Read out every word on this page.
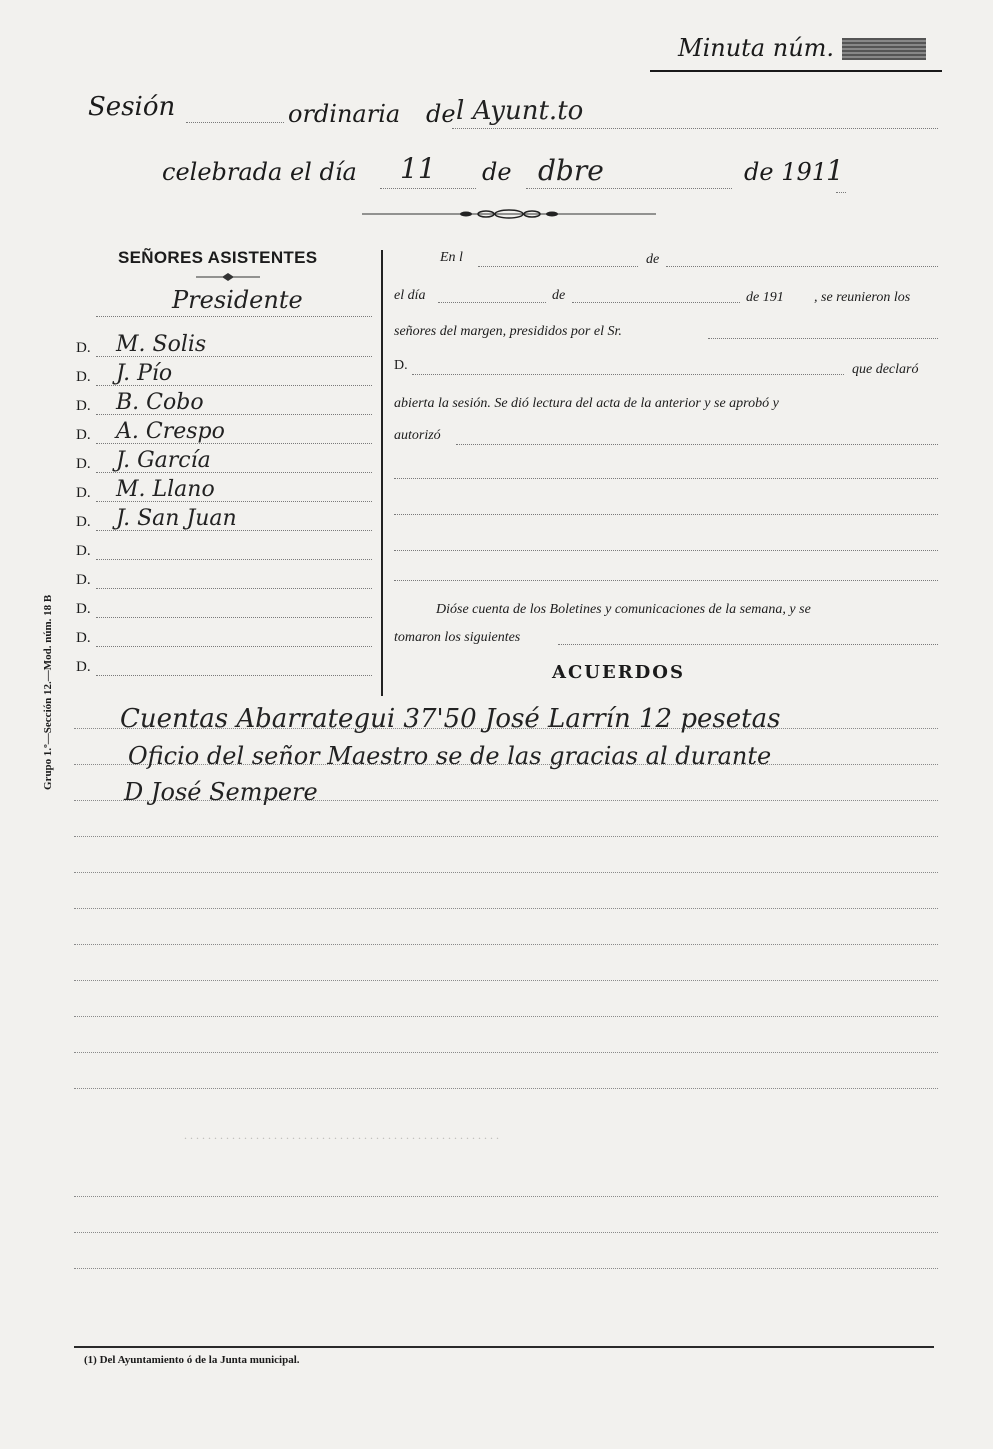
Minuta núm.
Sesión	ordinaria de l Ayunt.to
celebrada el día 11 de dbre	de 191
1
SEÑORES ASISTENTES
Presidente
D. M. Solis
D. J. Pío
D. B. Cobo
D. A. Crespo
D. J. García
D. M. Llano
D. J. San Juan
D.
D.
D.
D.
D.
En l	de
el día	de	de 191 , se reunieron los
señores del margen, presididos por el Sr.
D.	que declaró
abierta la sesión. Se dió lectura del acta de la anterior y se aprobó y
autorizó
Dióse cuenta de los Boletines y comunicaciones de la semana, y se
tomaron los siguientes
ACUERDOS
Cuentas Abarrategui 37'50 José Larrín 12 pesetas
Oficio del señor Maestro se de las gracias al durante
D José Sempere
. . . . . . . . . . . . . . . . . . . . . . . . . . . . . . . . . . . . . . . . . . . . . . . . . . . . .
Grupo 1.º—Sección 12.—Mod. núm. 18 B
(1) Del Ayuntamiento ó de la Junta municipal.
